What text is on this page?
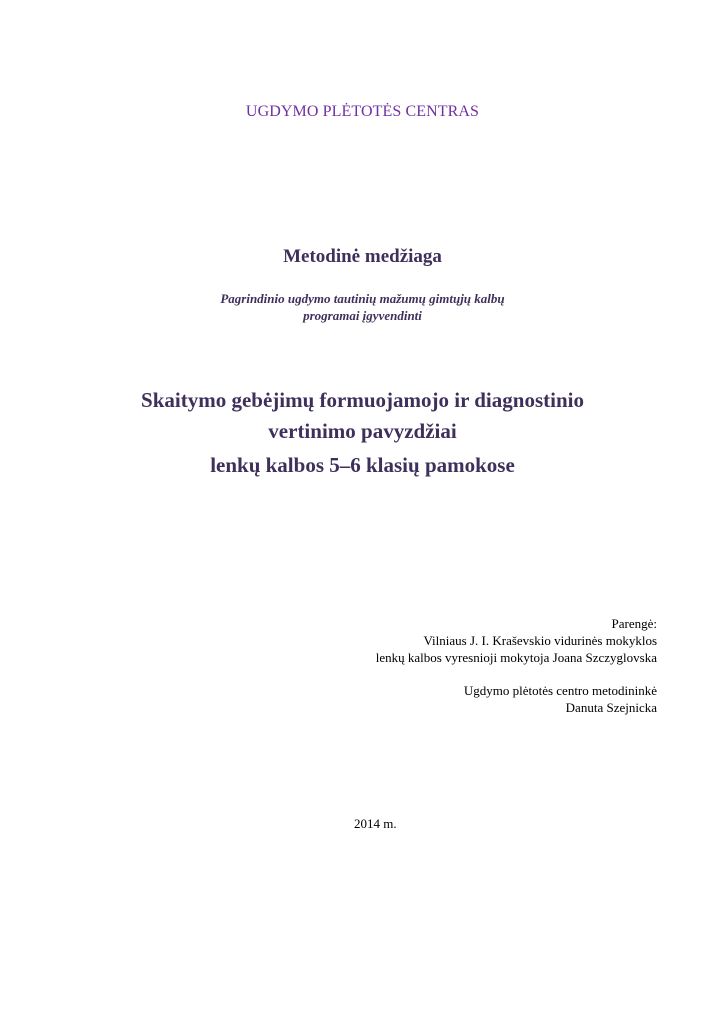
UGDYMO PLĖTOTĖS CENTRAS

Metodinė medžiaga

Pagrindinio ugdymo tautinių mažumų gimtųjų kalbų
programai įgyvendinti

Skaitymo gebėjimų formuojamojo ir diagnostinio
vertinimo pavyzdžiai

lenkų kalbos 5–6 klasių pamokose

Parengė:
Vilniaus J. I. Kraševskio vidurinės mokyklos
lenkų kalbos vyresnioji mokytoja Joana Szczyglovska

Ugdymo plėtotės centro metodininkė
Danuta Szejnicka

2014 m.
